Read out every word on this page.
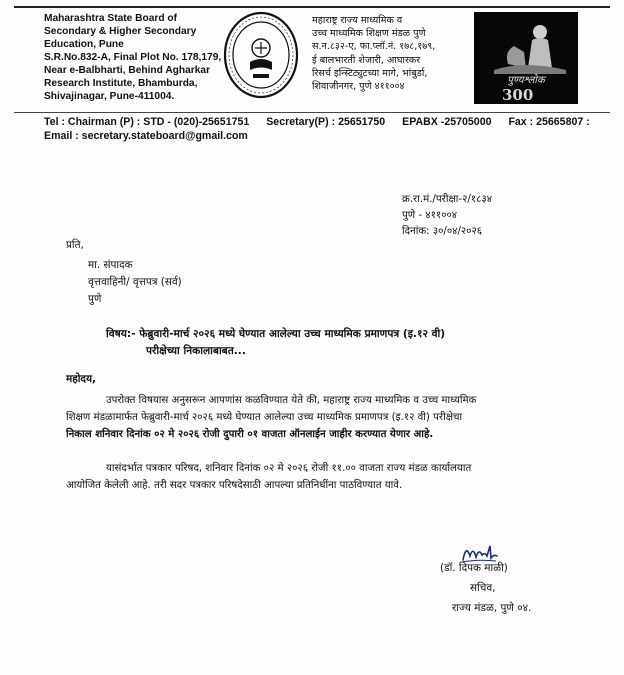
Maharashtra State Board of
Secondary & Higher Secondary
Education, Pune
S.R.No.832-A, Final Plot No. 178,179,
Near e-Balbharti, Behind Agharkar
Research Institute, Bhamburda,
Shivajinagar, Pune-411004.
महाराष्ट्र राज्य माध्यमिक व
उच्च माध्यमिक शिक्षण मंडळ पुणे
स.न.८३२-ए, फा.प्लॉ.नं. १७८,१७९,
ई बालभारती शेजारी, आघारकर
रिसर्च इन्स्टिट्युटच्या मागे, भांबुर्डा,
शिवाजीनगर, पुणे ४११००४
पुण्यश्लोक
300
Tel : Chairman (P) : STD - (020)-25651751 Secretary(P) : 25651750 EPABX -25705000 Fax : 25665807 :
Email : secretary.stateboard@gmail.com
क्र.रा.मं./परीक्षा-२/१८३४
पुणे - ४११००४
दिनांक: ३०/०४/२०२६
प्रति,
मा. संपादक
वृत्तवाहिनी/ वृत्तपत्र (सर्व)
पुणे
विषय:- फेब्रुवारी-मार्च २०२६ मध्ये घेण्यात आलेल्या उच्च माध्यमिक प्रमाणपत्र (इ.१२ वी)
परीक्षेच्या निकालाबाबत...
महोदय,
उपरोक्त विषयास अनुसरून आपणांस कळविण्यात येते की, महाराष्ट्र राज्य माध्यमिक व उच्च माध्यमिक
शिक्षण मंडळामार्फत फेब्रुवारी-मार्च २०२६ मध्ये घेण्यात आलेल्या उच्च माध्यमिक प्रमाणपत्र (इ.१२ वी) परीक्षेचा
निकाल शनिवार दिनांक ०२ मे २०२६ रोजी दुपारी ०१ वाजता ऑनलाईन जाहीर करण्यात येणार आहे.
यासंदर्भात पत्रकार परिषद, शनिवार दिनांक ०२ मे २०२६ रोजी ११.०० वाजता राज्य मंडळ कार्यालयात
आयोजित केलेली आहे. तरी सदर पत्रकार परिषदेसाठी आपल्या प्रतिनिधींना पाठविण्यात यावे.
(डॉ. दिपक माळी)
सचिव,
राज्य मंडळ, पुणे ०४.
